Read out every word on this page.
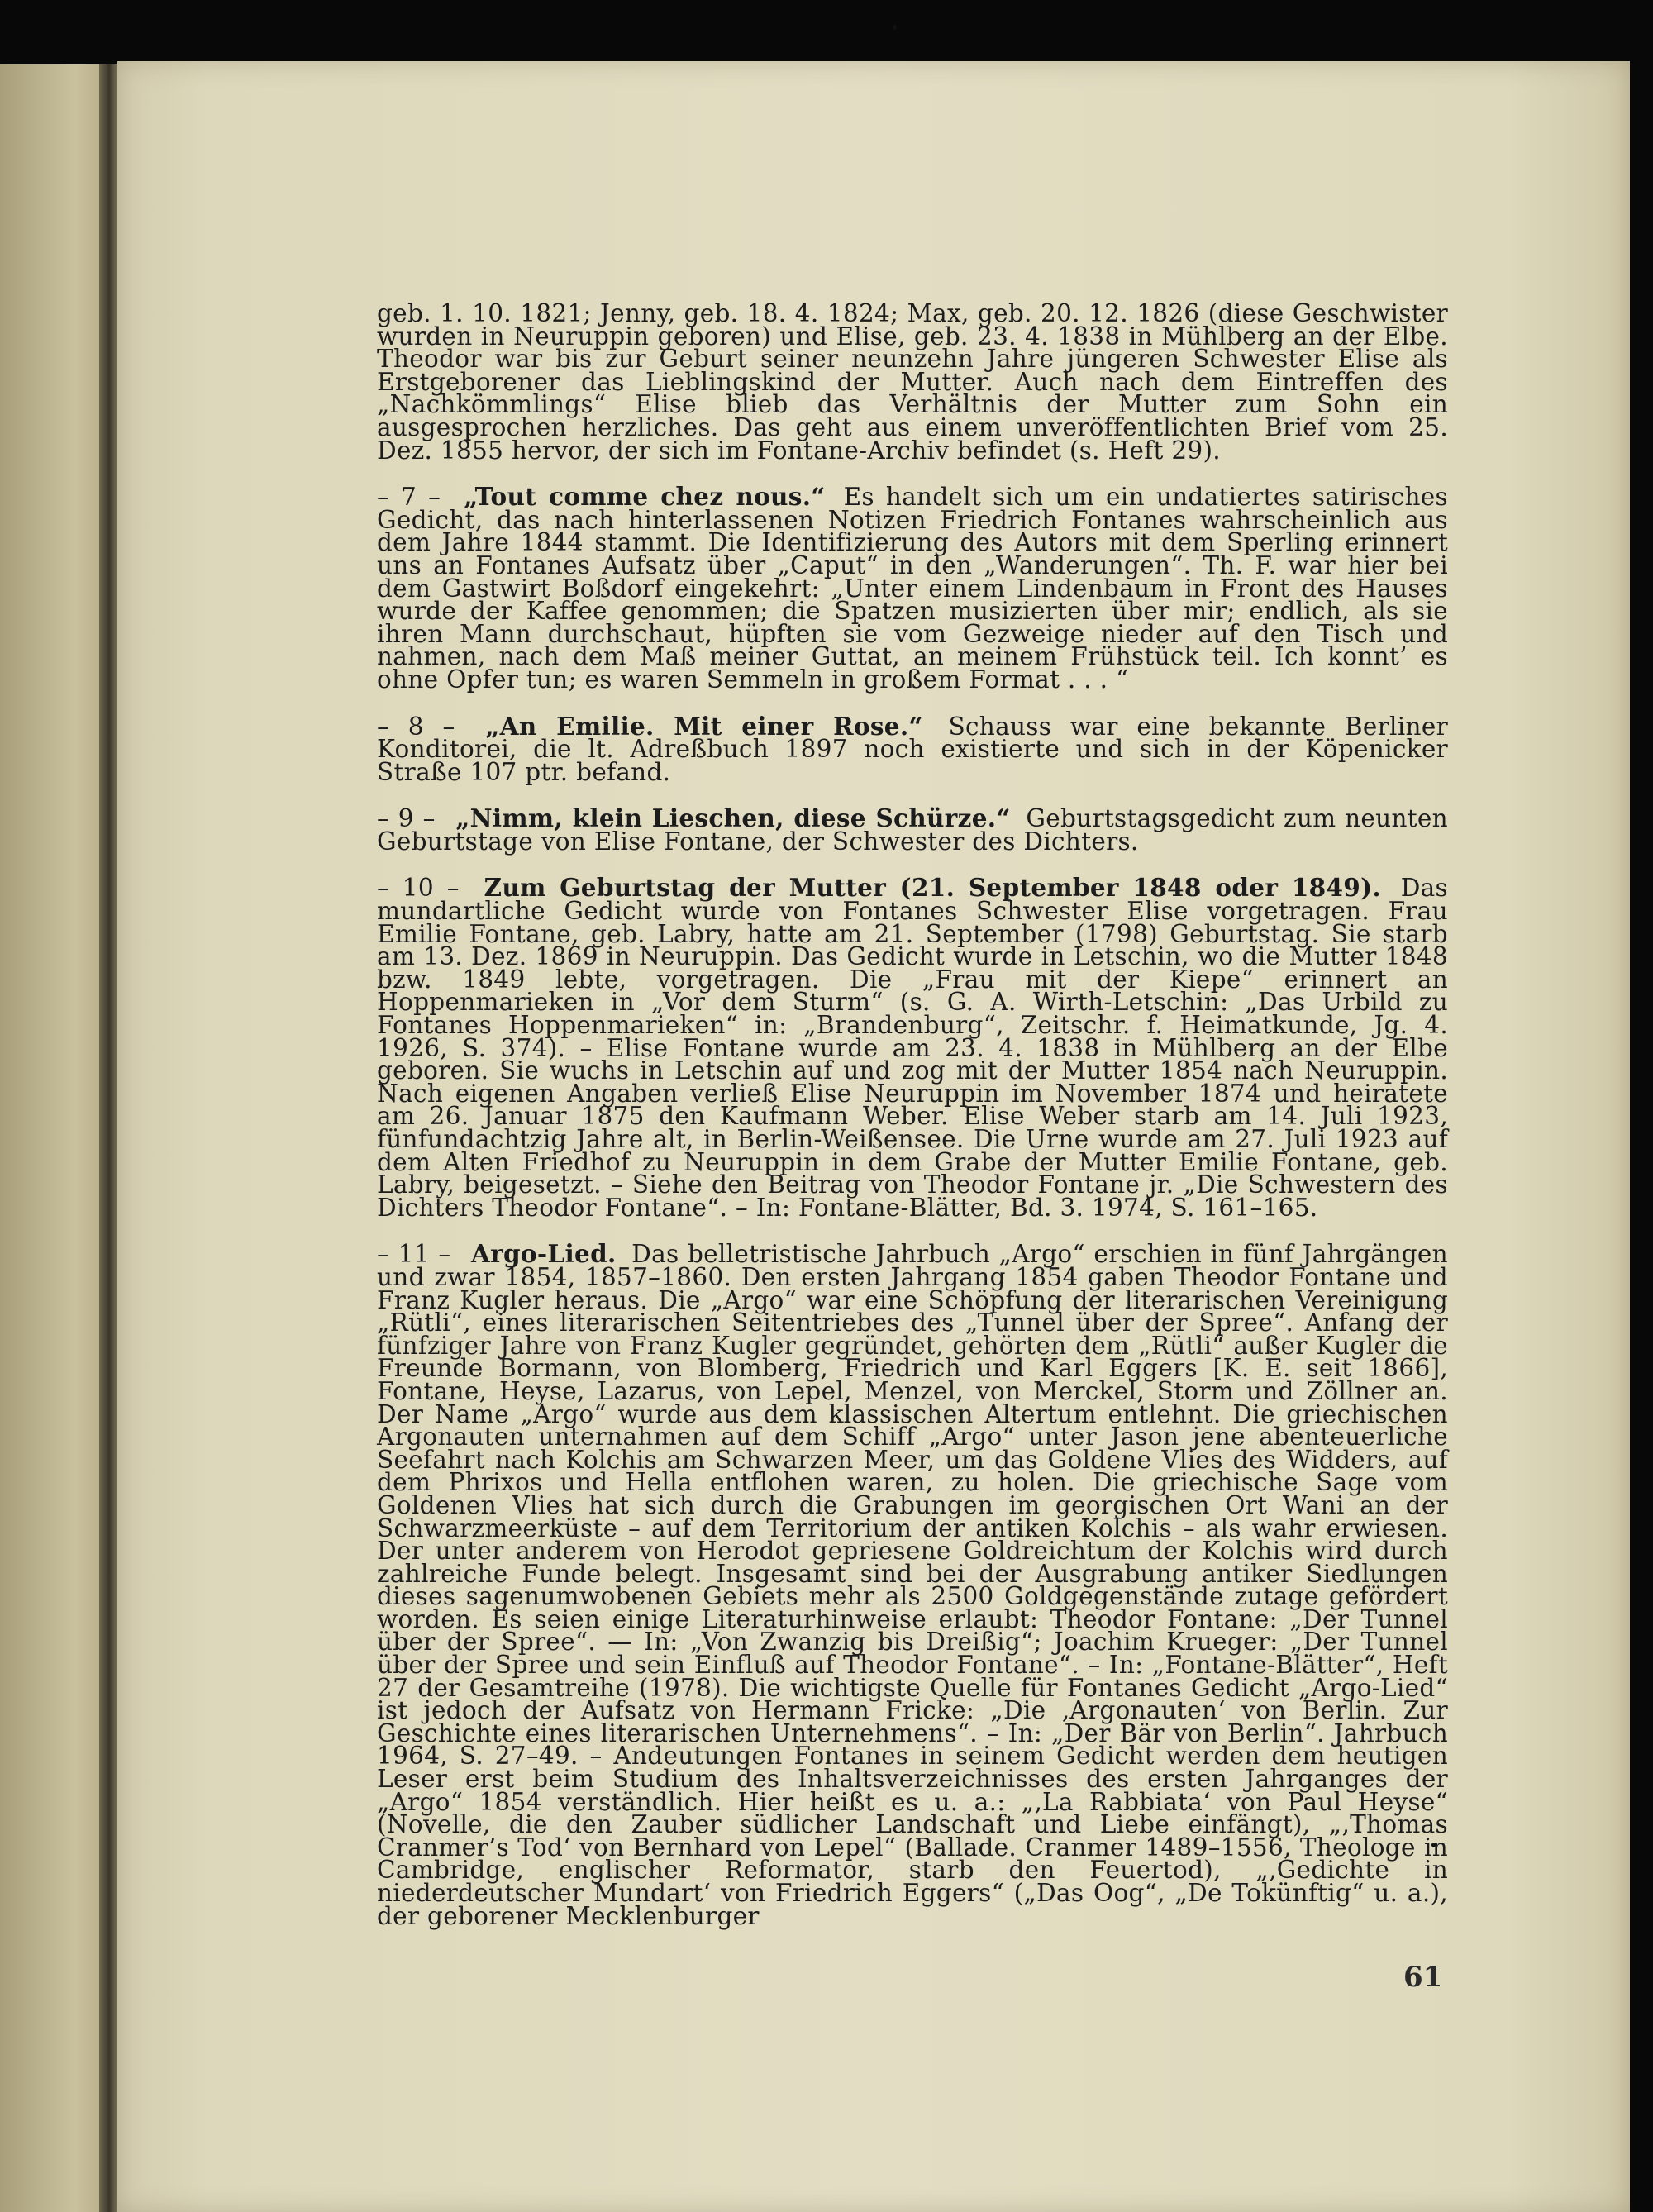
geb. 1. 10. 1821; Jenny, geb. 18. 4. 1824; Max, geb. 20. 12. 1826 (diese Geschwister wurden in Neuruppin geboren) und Elise, geb. 23. 4. 1838 in Mühlberg an der Elbe. Theodor war bis zur Geburt seiner neunzehn Jahre jüngeren Schwester Elise als Erstgeborener das Lieblingskind der Mutter. Auch nach dem Eintreffen des „Nachkömmlings“ Elise blieb das Verhältnis der Mutter zum Sohn ein ausgesprochen herzliches. Das geht aus einem unveröffentlichten Brief vom 25. Dez. 1855 hervor, der sich im Fontane-Archiv befindet (s. Heft 29).

– 7 – „Tout comme chez nous.“ Es handelt sich um ein undatiertes satirisches Gedicht, das nach hinterlassenen Notizen Friedrich Fontanes wahrscheinlich aus dem Jahre 1844 stammt. Die Identifizierung des Autors mit dem Sperling erinnert uns an Fontanes Aufsatz über „Caput“ in den „Wanderungen“. Th. F. war hier bei dem Gastwirt Boßdorf eingekehrt: „Unter einem Lindenbaum in Front des Hauses wurde der Kaffee genommen; die Spatzen musizierten über mir; endlich, als sie ihren Mann durchschaut, hüpften sie vom Gezweige nieder auf den Tisch und nahmen, nach dem Maß meiner Guttat, an meinem Frühstück teil. Ich konnt’ es ohne Opfer tun; es waren Semmeln in großem Format . . . “

– 8 – „An Emilie. Mit einer Rose.“ Schauss war eine bekannte Berliner Konditorei, die lt. Adreßbuch 1897 noch existierte und sich in der Köpenicker Straße 107 ptr. befand.

– 9 – „Nimm, klein Lieschen, diese Schürze.“ Geburtstagsgedicht zum neunten Geburtstage von Elise Fontane, der Schwester des Dichters.

– 10 – Zum Geburtstag der Mutter (21. September 1848 oder 1849). Das mundartliche Gedicht wurde von Fontanes Schwester Elise vorgetragen. Frau Emilie Fontane, geb. Labry, hatte am 21. September (1798) Geburtstag. Sie starb am 13. Dez. 1869 in Neuruppin. Das Gedicht wurde in Letschin, wo die Mutter 1848 bzw. 1849 lebte, vorgetragen. Die „Frau mit der Kiepe“ erinnert an Hoppenmarieken in „Vor dem Sturm“ (s. G. A. Wirth-Letschin: „Das Urbild zu Fontanes Hoppenmarieken“ in: „Brandenburg“, Zeitschr. f. Heimatkunde, Jg. 4. 1926, S. 374). – Elise Fontane wurde am 23. 4. 1838 in Mühlberg an der Elbe geboren. Sie wuchs in Letschin auf und zog mit der Mutter 1854 nach Neuruppin. Nach eigenen Angaben verließ Elise Neuruppin im November 1874 und heiratete am 26. Januar 1875 den Kaufmann Weber. Elise Weber starb am 14. Juli 1923, fünfundachtzig Jahre alt, in Berlin-Weißensee. Die Urne wurde am 27. Juli 1923 auf dem Alten Friedhof zu Neuruppin in dem Grabe der Mutter Emilie Fontane, geb. Labry, beigesetzt. – Siehe den Beitrag von Theodor Fontane jr. „Die Schwestern des Dichters Theodor Fontane“. – In: Fontane-Blätter, Bd. 3. 1974, S. 161–165.

– 11 – Argo-Lied. Das belletristische Jahrbuch „Argo“ erschien in fünf Jahrgängen und zwar 1854, 1857–1860. Den ersten Jahrgang 1854 gaben Theodor Fontane und Franz Kugler heraus. Die „Argo“ war eine Schöpfung der literarischen Vereinigung „Rütli“, eines literarischen Seitentriebes des „Tunnel über der Spree“. Anfang der fünfziger Jahre von Franz Kugler gegründet, gehörten dem „Rütli“ außer Kugler die Freunde Bormann, von Blomberg, Friedrich und Karl Eggers [K. E. seit 1866], Fontane, Heyse, Lazarus, von Lepel, Menzel, von Merckel, Storm und Zöllner an. Der Name „Argo“ wurde aus dem klassischen Altertum entlehnt. Die griechischen Argonauten unternahmen auf dem Schiff „Argo“ unter Jason jene abenteuerliche Seefahrt nach Kolchis am Schwarzen Meer, um das Goldene Vlies des Widders, auf dem Phrixos und Hella entflohen waren, zu holen. Die griechische Sage vom Goldenen Vlies hat sich durch die Grabungen im georgischen Ort Wani an der Schwarzmeerküste – auf dem Territorium der antiken Kolchis – als wahr erwiesen. Der unter anderem von Herodot gepriesene Goldreichtum der Kolchis wird durch zahlreiche Funde belegt. Insgesamt sind bei der Ausgrabung antiker Siedlungen dieses sagenumwobenen Gebiets mehr als 2500 Goldgegenstände zutage gefördert worden. Es seien einige Literaturhinweise erlaubt: Theodor Fontane: „Der Tunnel über der Spree“. — In: „Von Zwanzig bis Dreißig“; Joachim Krueger: „Der Tunnel über der Spree und sein Einfluß auf Theodor Fontane“. – In: „Fontane-Blätter“, Heft 27 der Gesamtreihe (1978). Die wichtigste Quelle für Fontanes Gedicht „Argo-Lied“ ist jedoch der Aufsatz von Hermann Fricke: „Die ‚Argonauten‘ von Berlin. Zur Geschichte eines literarischen Unternehmens“. – In: „Der Bär von Berlin“. Jahrbuch 1964, S. 27–49. – Andeutungen Fontanes in seinem Gedicht werden dem heutigen Leser erst beim Studium des Inhaltsverzeichnisses des ersten Jahrganges der „Argo“ 1854 verständlich. Hier heißt es u. a.: „‚La Rabbiata‘ von Paul Heyse“ (Novelle, die den Zauber südlicher Landschaft und Liebe einfängt), „‚Thomas Cranmer’s Tod‘ von Bernhard von Lepel“ (Ballade. Cranmer 1489–1556, Theologe in Cambridge, englischer Reformator, starb den Feuertod), „‚Gedichte in niederdeutscher Mundart‘ von Friedrich Eggers“ („Das Oog“, „De Tokünftig“ u. a.), der geborener Mecklenburger

61
